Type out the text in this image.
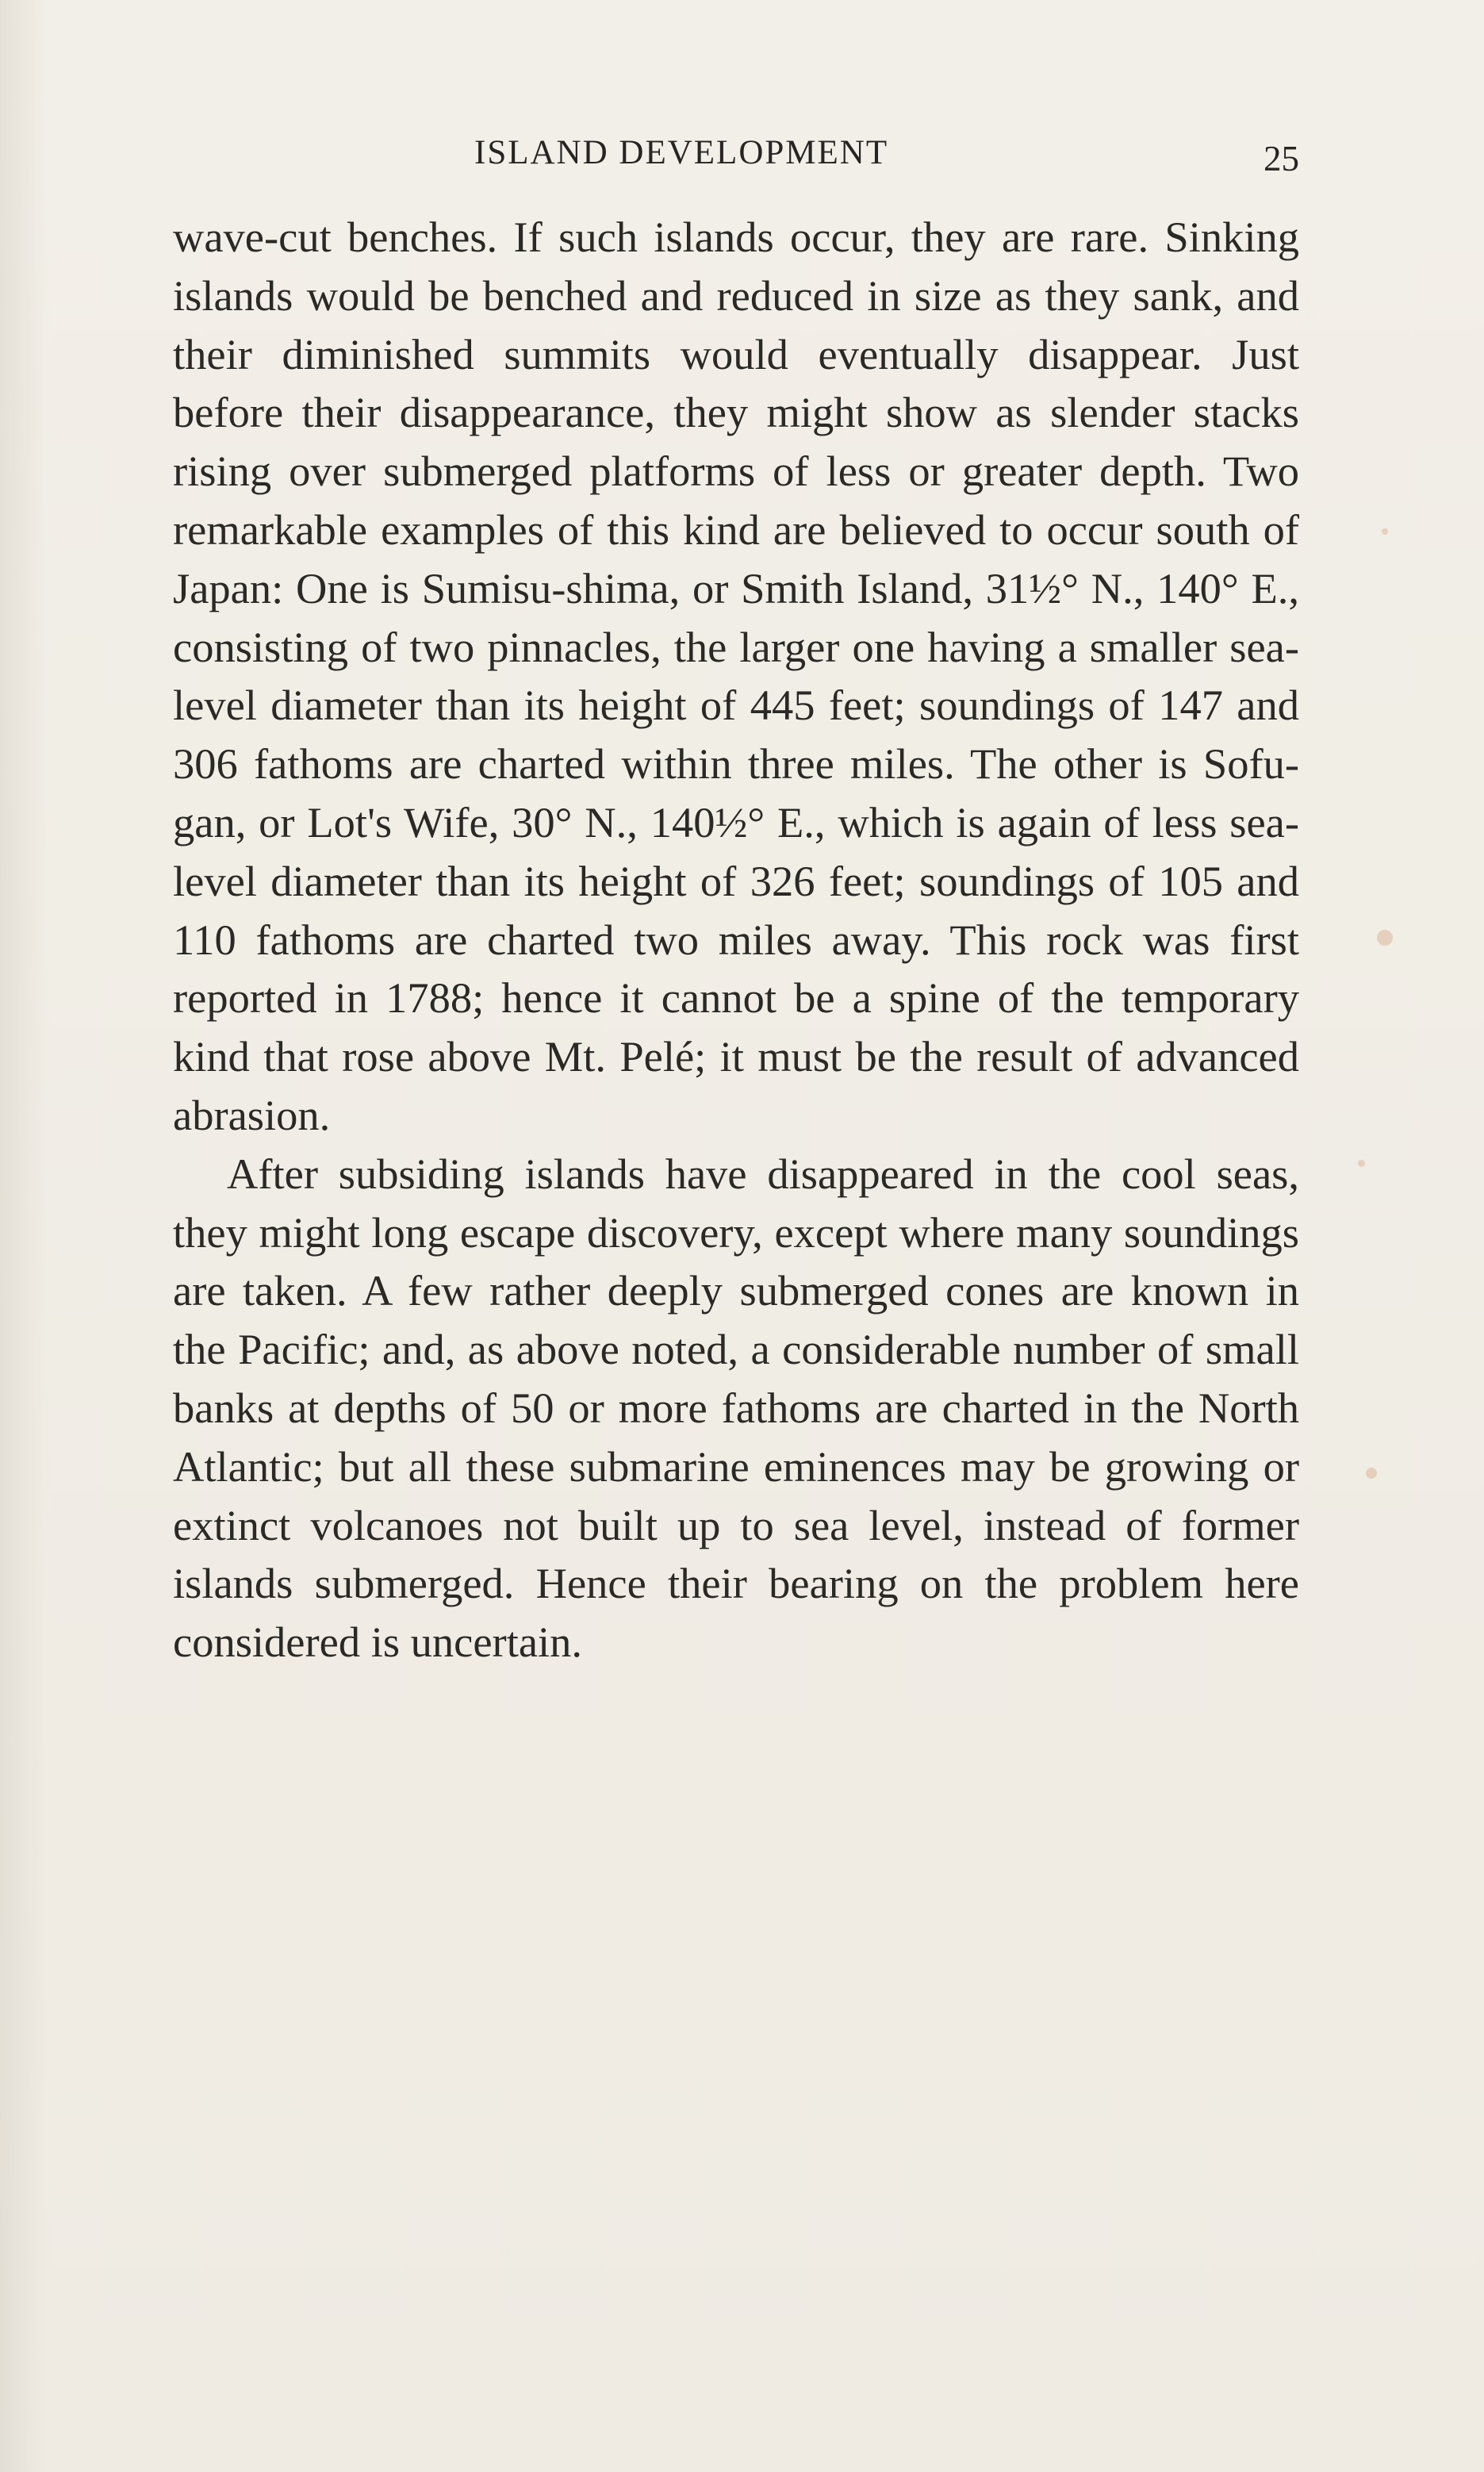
ISLAND DEVELOPMENT	25

wave-cut benches. If such islands occur, they are rare. Sinking islands would be benched and reduced in size as they sank, and their diminished summits would eventually disappear. Just before their disappearance, they might show as slender stacks rising over submerged platforms of less or greater depth. Two remarkable examples of this kind are believed to occur south of Japan: One is Sumisu-shima, or Smith Island, 31½° N., 140° E., consisting of two pinnacles, the larger one having a smaller sea-level diameter than its height of 445 feet; soundings of 147 and 306 fathoms are charted within three miles. The other is Sofu-gan, or Lot's Wife, 30° N., 140½° E., which is again of less sea-level diameter than its height of 326 feet; soundings of 105 and 110 fathoms are charted two miles away. This rock was first reported in 1788; hence it cannot be a spine of the temporary kind that rose above Mt. Pelé; it must be the result of advanced abrasion.

After subsiding islands have disappeared in the cool seas, they might long escape discovery, except where many soundings are taken. A few rather deeply submerged cones are known in the Pacific; and, as above noted, a considerable number of small banks at depths of 50 or more fathoms are charted in the North Atlantic; but all these submarine eminences may be growing or extinct volcanoes not built up to sea level, instead of former islands submerged. Hence their bearing on the problem here considered is uncertain.
